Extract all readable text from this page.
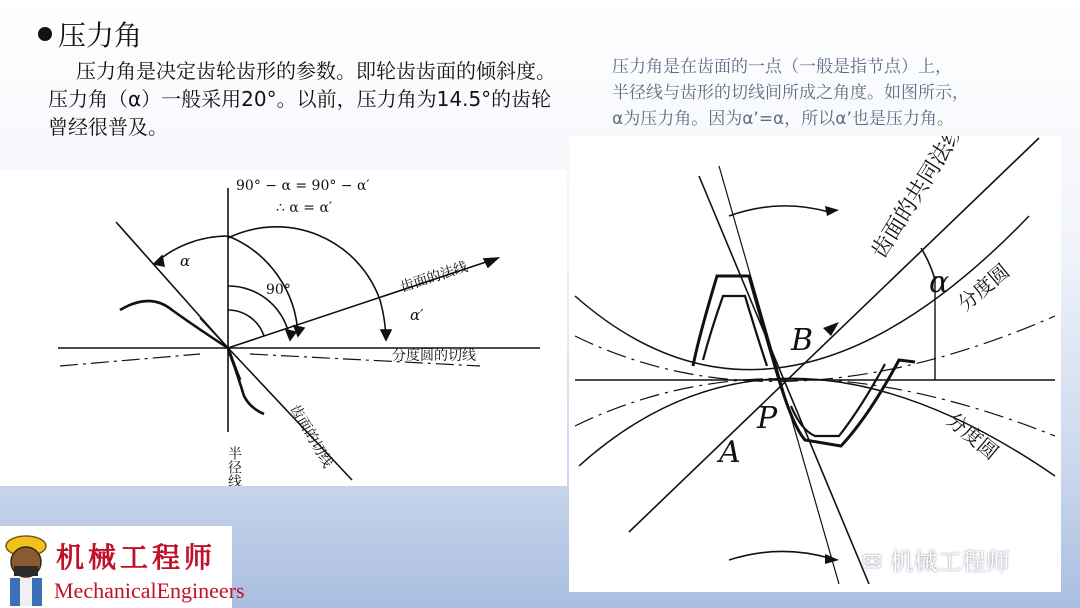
压力角
压力角是决定齿轮齿形的参数。即轮齿齿面的倾斜度。压力角（α）一般采用20°。以前，压力角为14.5°的齿轮曾经很普及。
压力角是在齿面的一点（一般是指节点）上，
半径线与齿形的切线间所成之角度。如图所示，
α为压力角。因为α’=α，所以α’也是压力角。
90° − α = 90° − α′
∴ α = α′
α
90°
α′
齿面的法线
分度圆的切线
齿面的切线
半径线
齿面的共同法线
分度圆
分度圆
α
B
P
A
机械工程师
MechanicalEngineers
✉ 机械工程师
